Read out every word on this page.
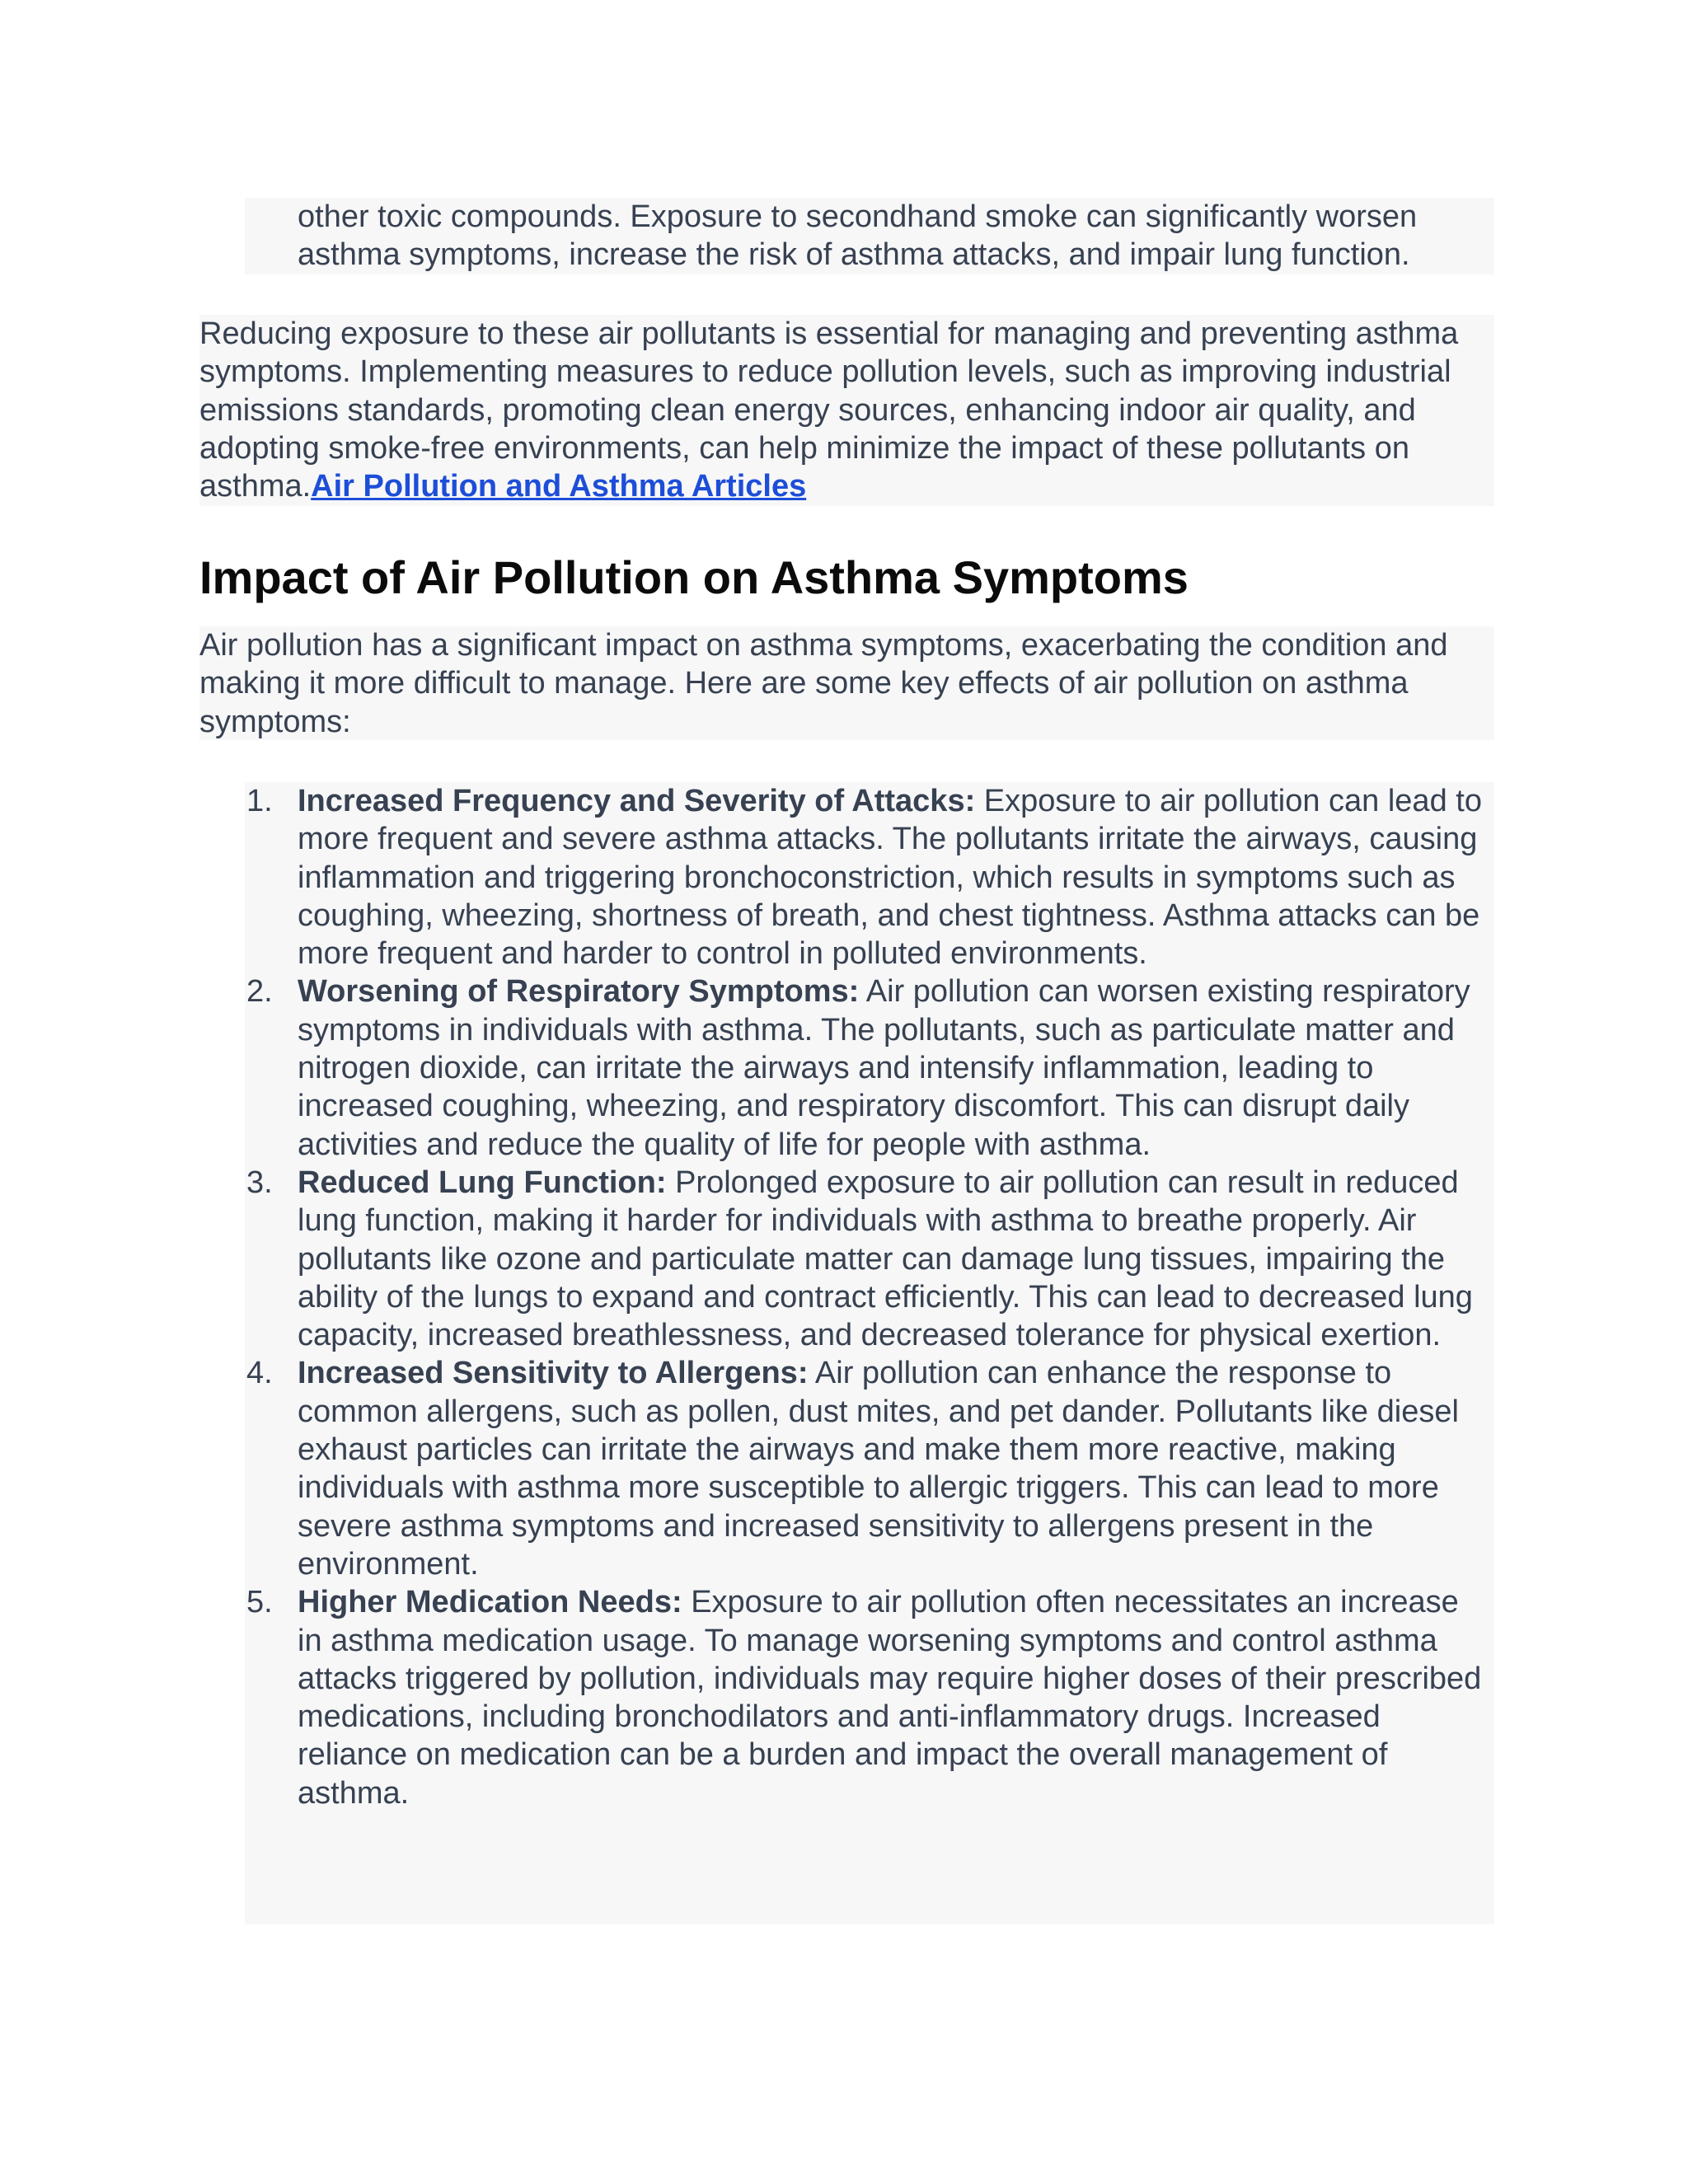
other toxic compounds. Exposure to secondhand smoke can significantly worsen asthma symptoms, increase the risk of asthma attacks, and impair lung function.

Reducing exposure to these air pollutants is essential for managing and preventing asthma symptoms. Implementing measures to reduce pollution levels, such as improving industrial emissions standards, promoting clean energy sources, enhancing indoor air quality, and adopting smoke-free environments, can help minimize the impact of these pollutants on asthma.Air Pollution and Asthma Articles

Impact of Air Pollution on Asthma Symptoms

Air pollution has a significant impact on asthma symptoms, exacerbating the condition and making it more difficult to manage. Here are some key effects of air pollution on asthma symptoms:

1. Increased Frequency and Severity of Attacks: Exposure to air pollution can lead to more frequent and severe asthma attacks. The pollutants irritate the airways, causing inflammation and triggering bronchoconstriction, which results in symptoms such as coughing, wheezing, shortness of breath, and chest tightness. Asthma attacks can be more frequent and harder to control in polluted environments.
2. Worsening of Respiratory Symptoms: Air pollution can worsen existing respiratory symptoms in individuals with asthma. The pollutants, such as particulate matter and nitrogen dioxide, can irritate the airways and intensify inflammation, leading to increased coughing, wheezing, and respiratory discomfort. This can disrupt daily activities and reduce the quality of life for people with asthma.
3. Reduced Lung Function: Prolonged exposure to air pollution can result in reduced lung function, making it harder for individuals with asthma to breathe properly. Air pollutants like ozone and particulate matter can damage lung tissues, impairing the ability of the lungs to expand and contract efficiently. This can lead to decreased lung capacity, increased breathlessness, and decreased tolerance for physical exertion.
4. Increased Sensitivity to Allergens: Air pollution can enhance the response to common allergens, such as pollen, dust mites, and pet dander. Pollutants like diesel exhaust particles can irritate the airways and make them more reactive, making individuals with asthma more susceptible to allergic triggers. This can lead to more severe asthma symptoms and increased sensitivity to allergens present in the environment.
5. Higher Medication Needs: Exposure to air pollution often necessitates an increase in asthma medication usage. To manage worsening symptoms and control asthma attacks triggered by pollution, individuals may require higher doses of their prescribed medications, including bronchodilators and anti-inflammatory drugs. Increased reliance on medication can be a burden and impact the overall management of asthma.
